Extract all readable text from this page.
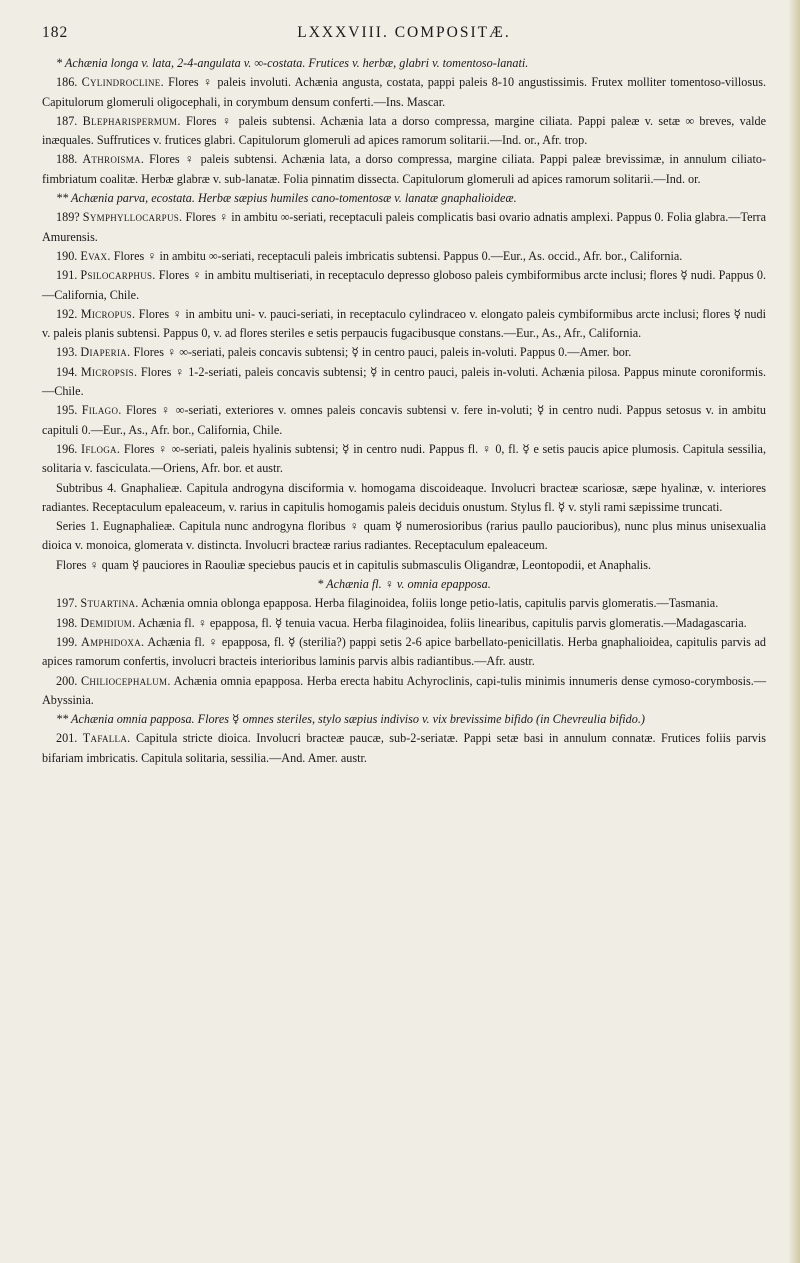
182	LXXXVIII. COMPOSITÆ.

* Achænia longa v. lata, 2-4-angulata v. ∞-costata. Frutices v. herbæ, glabri v. tomentoso-lanati.

186. Cylindrocline. Flores ♀ paleis involuti. Achænia angusta, costata, pappi paleis 8-10 angustissimis. Frutex molliter tomentoso-villosus. Capitulorum glomeruli oligocephali, in corymbum densum conferti.—Ins. Mascar.

187. Blepharispermum. Flores ♀ paleis subtensi. Achænia lata a dorso compressa, margine ciliata. Pappi paleæ v. setæ ∞ breves, valde inæquales. Suffrutices v. frutices glabri. Capitulorum glomeruli ad apices ramorum solitarii.—Ind. or., Afr. trop.

188. Athroisma. Flores ♀ paleis subtensi. Achænia lata, a dorso compressa, margine ciliata. Pappi paleæ brevissimæ, in annulum ciliato-fimbriatum coalitæ. Herbæ glabræ v. sub-lanatæ. Folia pinnatim dissecta. Capitulorum glomeruli ad apices ramorum solitarii.—Ind. or.

** Achænia parva, ecostata. Herbæ sæpius humiles cano-tomentosæ v. lanatæ gnaphalioideæ.

189? Symphyllocarpus. Flores ♀ in ambitu ∞-seriati, receptaculi paleis complicatis basi ovario adnatis amplexi. Pappus 0. Folia glabra.—Terra Amurensis.

190. Evax. Flores ♀ in ambitu ∞-seriati, receptaculi paleis imbricatis subtensi. Pappus 0.—Eur., As. occid., Afr. bor., California.

191. Psilocarphus. Flores ♀ in ambitu multiseriati, in receptaculo depresso globoso paleis cymbiformibus arcte inclusi; flores ☿ nudi. Pappus 0.—California, Chile.

192. Micropus. Flores ♀ in ambitu uni- v. pauci-seriati, in receptaculo cylindraceo v. elongato paleis cymbiformibus arcte inclusi; flores ☿ nudi v. paleis planis subtensi. Pappus 0, v. ad flores steriles e setis perpaucis fugacibusque constans.—Eur., As., Afr., California.

193. Diaperia. Flores ♀ ∞-seriati, paleis concavis subtensi; ☿ in centro pauci, paleis in-voluti. Pappus 0.—Amer. bor.

194. Micropsis. Flores ♀ 1-2-seriati, paleis concavis subtensi; ☿ in centro pauci, paleis in-voluti. Achænia pilosa. Pappus minute coroniformis.—Chile.

195. Filago. Flores ♀ ∞-seriati, exteriores v. omnes paleis concavis subtensi v. fere in-voluti; ☿ in centro nudi. Pappus setosus v. in ambitu capituli 0.—Eur., As., Afr. bor., California, Chile.

196. Ifloga. Flores ♀ ∞-seriati, paleis hyalinis subtensi; ☿ in centro nudi. Pappus fl. ♀ 0, fl. ☿ e setis paucis apice plumosis. Capitula sessilia, solitaria v. fasciculata.—Oriens, Afr. bor. et austr.

Subtribus 4. Gnaphalieæ. Capitula androgyna disciformia v. homogama discoideaque. Involucri bracteæ scariosæ, sæpe hyalinæ, v. interiores radiantes. Receptaculum epaleaceum, v. rarius in capitulis homogamis paleis deciduis onustum. Stylus fl. ☿ v. styli rami sæpissime truncati.

Series 1. Eugnaphalieæ. Capitula nunc androgyna floribus ♀ quam ☿ numerosioribus (rarius paullo paucioribus), nunc plus minus unisexualia dioica v. monoica, glomerata v. distincta. Involucri bracteæ rarius radiantes. Receptaculum epaleaceum.

Flores ♀ quam ☿ pauciores in Raouliæ speciebus paucis et in capitulis submasculis Oligandræ, Leontopodii, et Anaphalis.

* Achænia fl. ♀ v. omnia epapposa.

197. Stuartina. Achænia omnia oblonga epapposa. Herba filaginoidea, foliis longe petio-latis, capitulis parvis glomeratis.—Tasmania.

198. Demidium. Achænia fl. ♀ epapposa, fl. ☿ tenuia vacua. Herba filaginoidea, foliis linearibus, capitulis parvis glomeratis.—Madagascaria.

199. Amphidoxa. Achænia fl. ♀ epapposa, fl. ☿ (sterilia?) pappi setis 2-6 apice barbellato-penicillatis. Herba gnaphalioidea, capitulis parvis ad apices ramorum confertis, involucri bracteis interioribus laminis parvis albis radiantibus.—Afr. austr.

200. Chiliocephalum. Achænia omnia epapposa. Herba erecta habitu Achyroclinis, capi-tulis minimis innumeris dense cymoso-corymbosis.—Abyssinia.

** Achænia omnia papposa. Flores ☿ omnes steriles, stylo sæpius indiviso v. vix brevissime bifido (in Chevreulia bifido.)

201. Tafalla. Capitula stricte dioica. Involucri bracteæ paucæ, sub-2-seriatæ. Pappi setæ basi in annulum connatæ. Frutices foliis parvis bifariam imbricatis. Capitula solitaria, sessilia.—And. Amer. austr.
